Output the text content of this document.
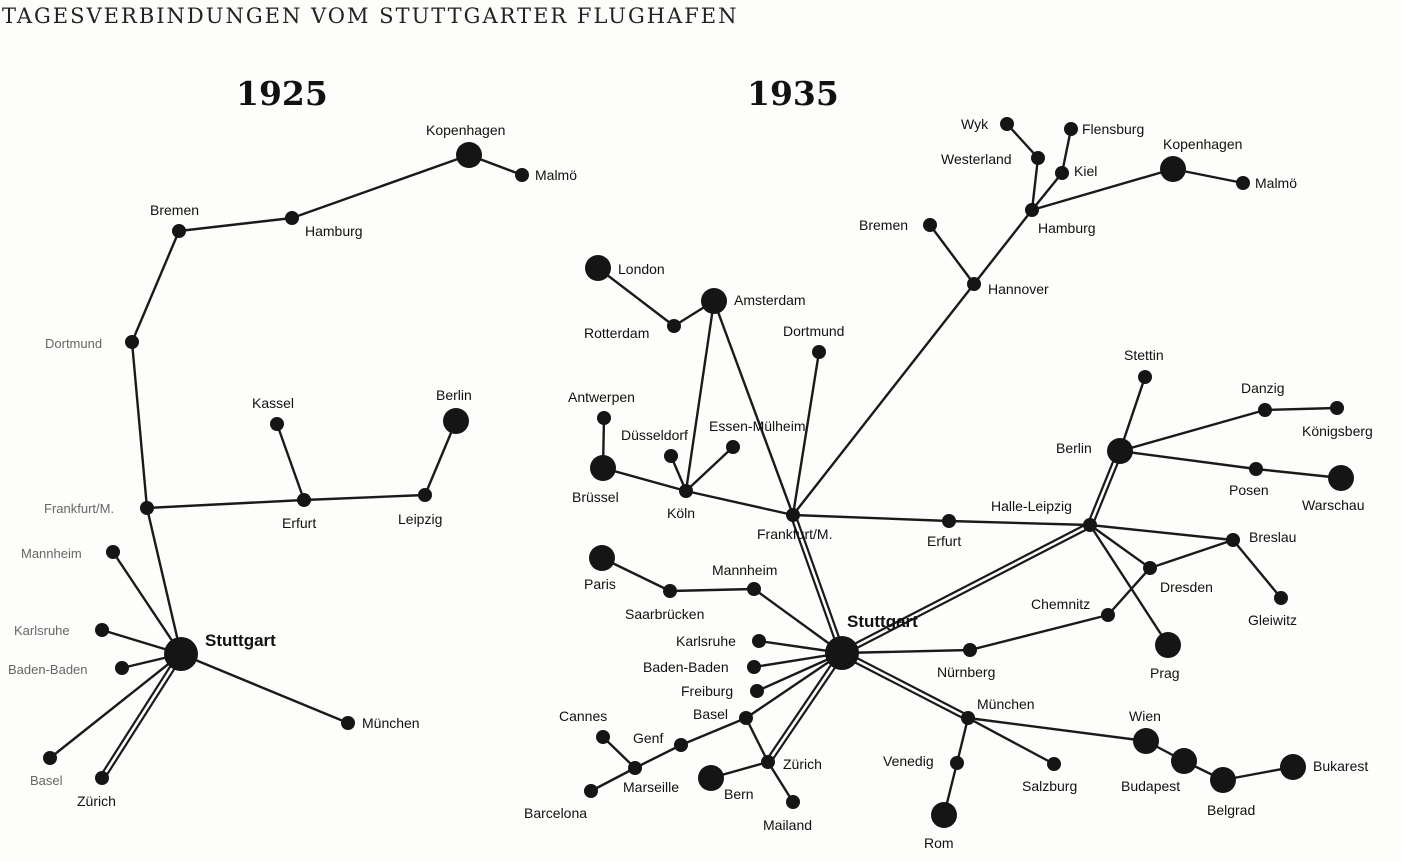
TAGESVERBINDUNGEN VOM STUTTGARTER FLUGHAFEN
1925	1935
Stuttgart
Frankfurt/M.
Mannheim
Karlsruhe
Baden-Baden
Basel
Zürich
München
Dortmund
Bremen
Hamburg
Kopenhagen
Malmö
Kassel
Erfurt	Leipzig
Berlin
Stuttgart
Frankfurt/M.
Köln
Düsseldorf
Essen-Mülheim
Brüssel
Antwerpen
Amsterdam
Rotterdam
London
Dortmund
Hannover
Bremen	Hamburg
Westerland
Wyk
Kiel
Flensburg
Kopenhagen
Malmö
Erfurt
Halle-Leipzig
Berlin
Stettin
Danzig
Königsberg
Posen
Warschau
Breslau
Gleiwitz
Dresden
Chemnitz
Prag
Nürnberg
München
Venedig
Rom
Salzburg
Wien
Budapest
Belgrad
Bukarest
Mannheim
Saarbrücken
Paris
Karlsruhe
Baden-Baden
Freiburg
Basel
Genf
Marseille
Cannes
Barcelona
Zürich
Bern
Mailand
